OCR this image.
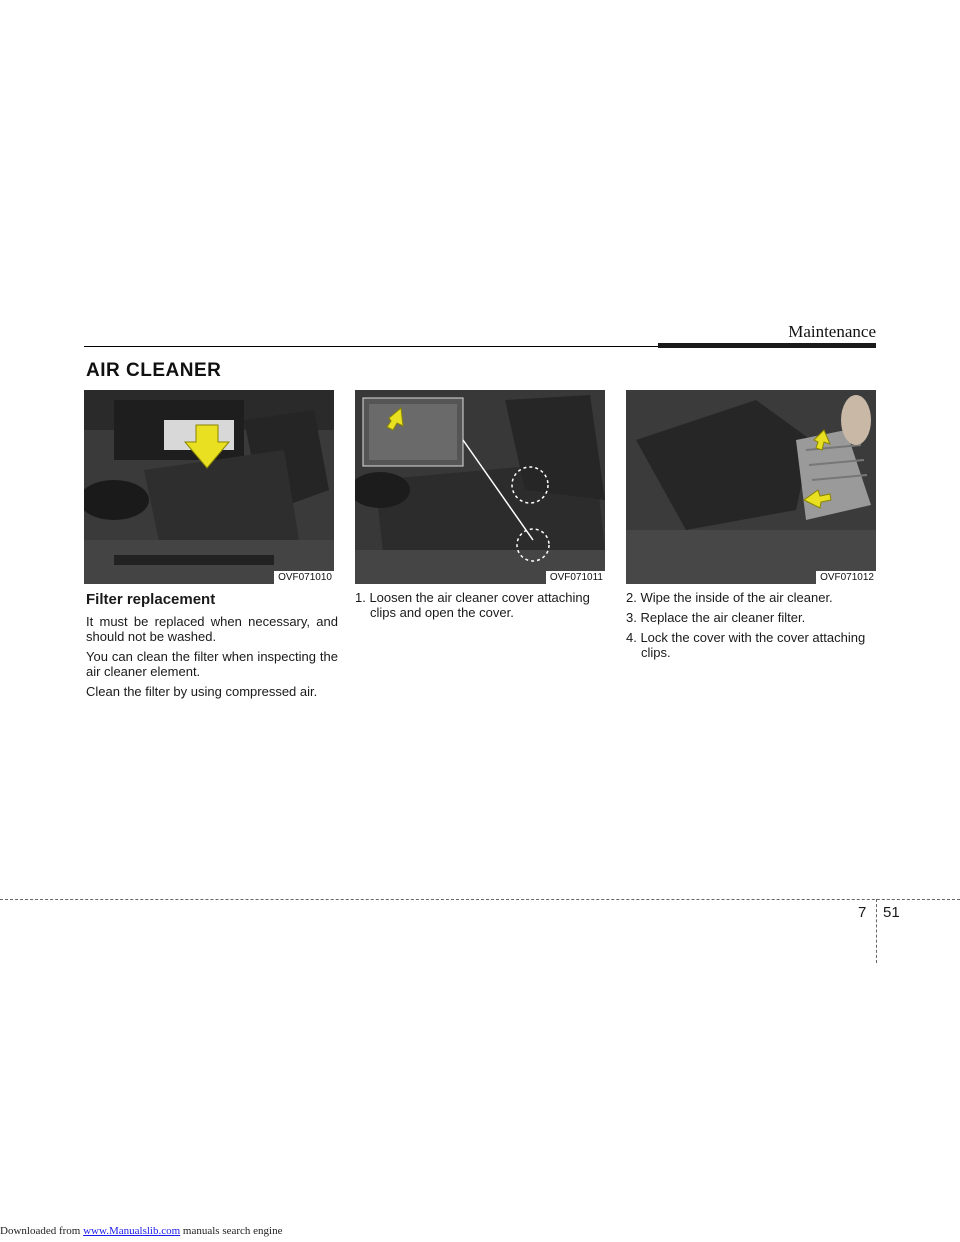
Maintenance
AIR CLEANER
OVF071010	OVF071011	OVF071012
Filter replacement

It must be replaced when necessary, and should not be washed.

You can clean the filter when inspecting the air cleaner element.

Clean the filter by using compressed air.

1. Loosen the air cleaner cover attaching clips and open the cover.
2. Wipe the inside of the air cleaner.
3. Replace the air cleaner filter.
4. Lock the cover with the cover attaching clips.
7 51
Downloaded from www.Manualslib.com manuals search engine
